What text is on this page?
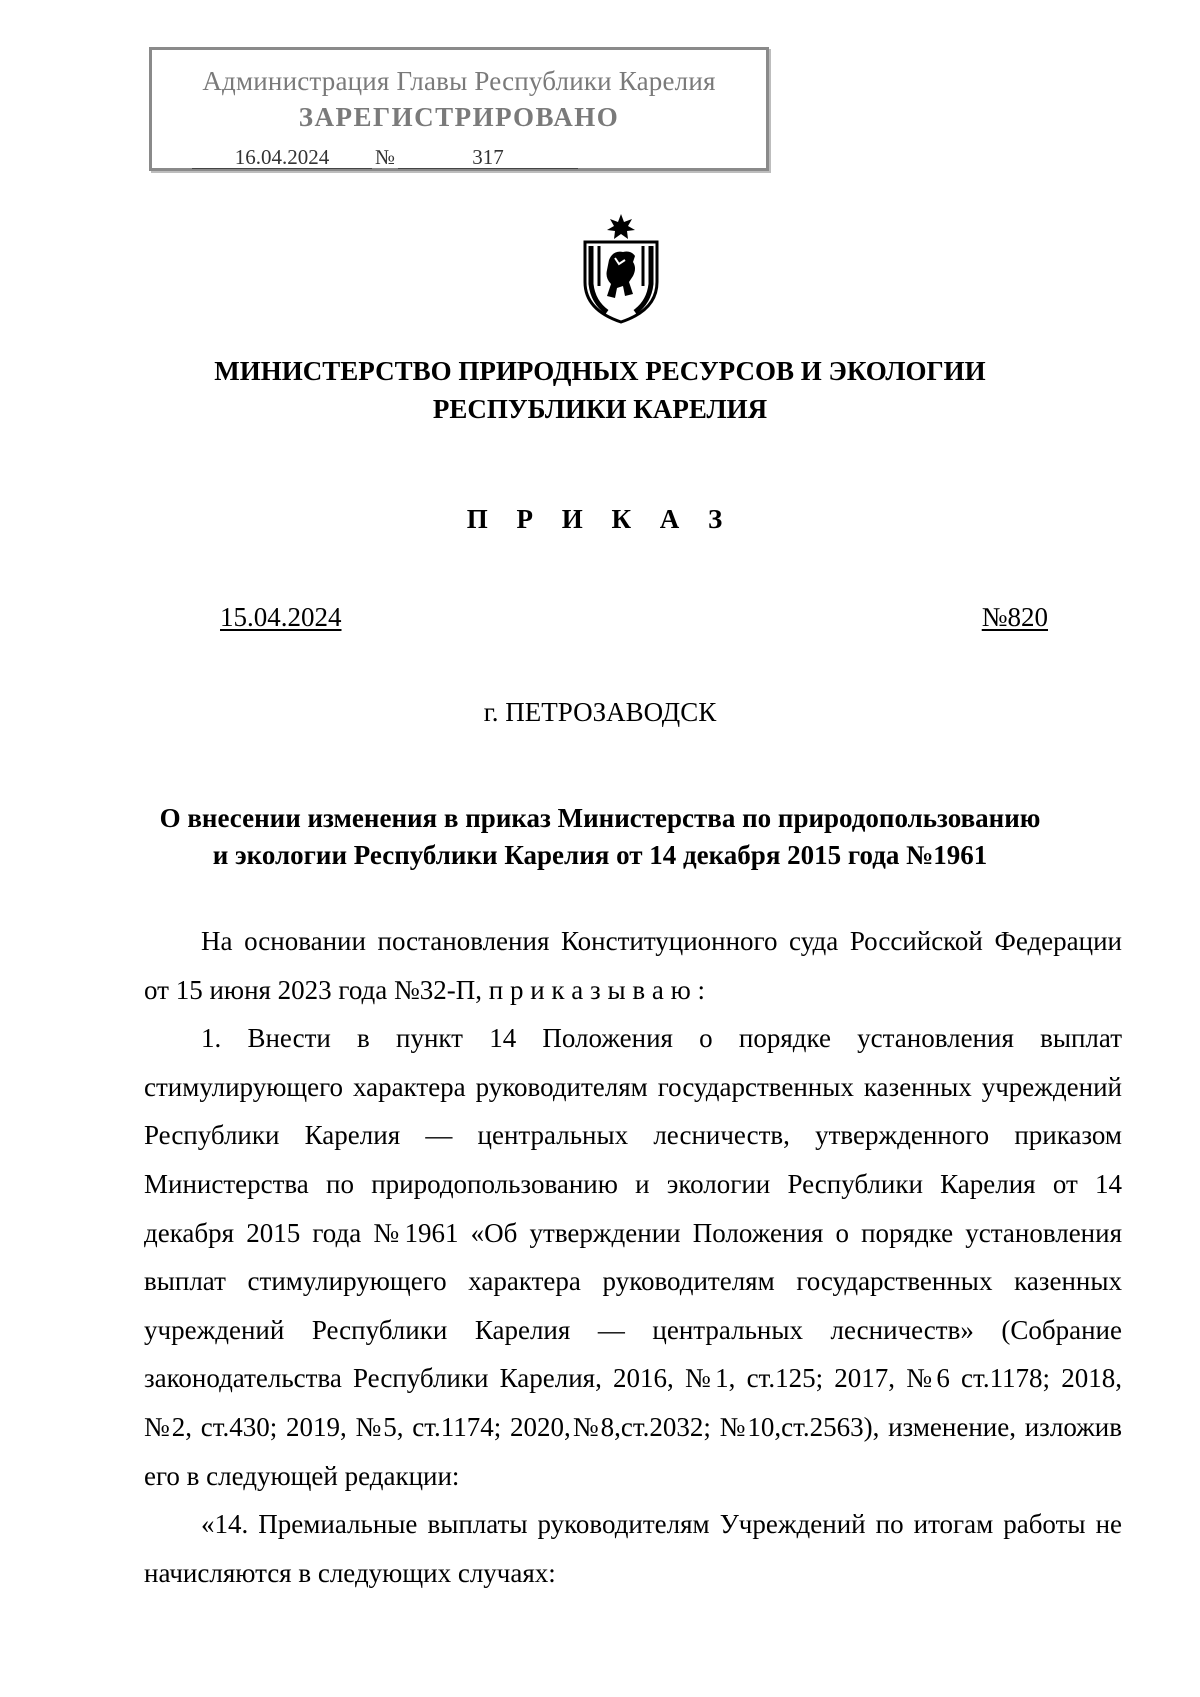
Администрация Главы Республики Карелия
ЗАРЕГИСТРИРОВАНО
16.04.2024 №	317
МИНИСТЕРСТВО ПРИРОДНЫХ РЕСУРСОВ И ЭКОЛОГИИ
РЕСПУБЛИКИ КАРЕЛИЯ
П Р И К А З
15.04.2024	№820
г. ПЕТРОЗАВОДСК
О внесении изменения в приказ Министерства по природопользованию
и экологии Республики Карелия от 14 декабря 2015 года №1961

На основании постановления Конституционного суда Российской Федерации от 15 июня 2023 года №32-П, п р и к а з ы в а ю :

1. Внести в пункт 14 Положения о порядке установления выплат стимулирующего характера руководителям государственных казенных учреждений Республики Карелия — центральных лесничеств, утвержденного приказом Министерства по природопользованию и экологии Республики Карелия от 14 декабря 2015 года №1961 «Об утверждении Положения о порядке установления выплат стимулирующего характера руководителям государственных казенных учреждений Республики Карелия — центральных лесничеств» (Собрание законодательства Республики Карелия, 2016, №1, ст.125; 2017, №6 ст.1178; 2018, №2, ст.430; 2019, №5, ст.1174; 2020,№8,ст.2032; №10,ст.2563), изменение, изложив его в следующей редакции:

«14. Премиальные выплаты руководителям Учреждений по итогам работы не начисляются в следующих случаях:
